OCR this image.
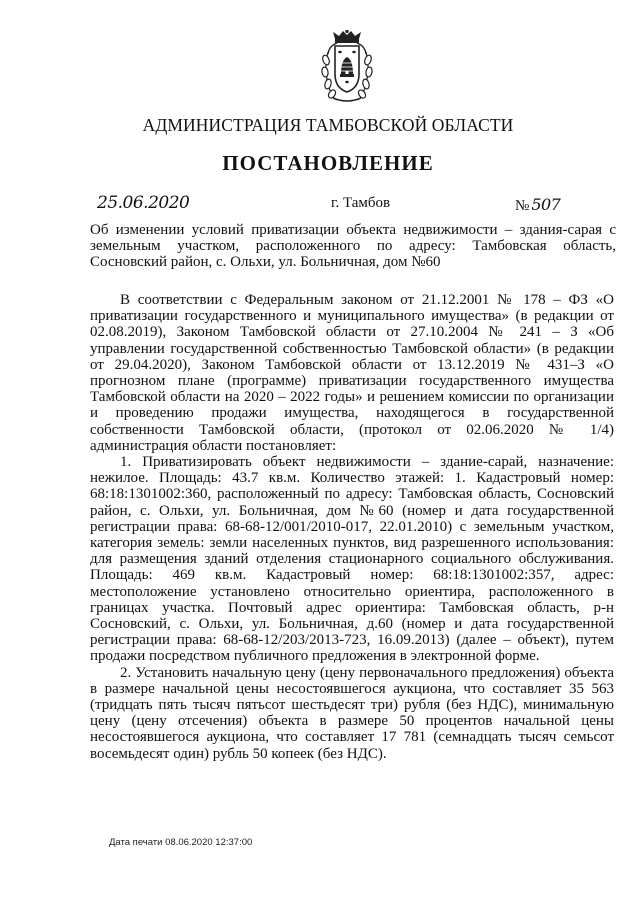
АДМИНИСТРАЦИЯ ТАМБОВСКОЙ ОБЛАСТИ
ПОСТАНОВЛЕНИЕ
25.06.2020	г. Тамбов	№ 507
Об изменении условий приватизации объекта недвижимости – здания-сарая с земельным участком, расположенного по адресу: Тамбовская область, Сосновский район, с. Ольхи, ул. Больничная, дом №60

В соответствии с Федеральным законом от 21.12.2001 № 178 – ФЗ «О приватизации государственного и муниципального имущества» (в редакции от 02.08.2019), Законом Тамбовской области от 27.10.2004 № 241 – З «Об управлении государственной собственностью Тамбовской области» (в редакции от 29.04.2020), Законом Тамбовской области от 13.12.2019 № 431–З «О прогнозном плане (программе) приватизации государственного имущества Тамбовской области на 2020 – 2022 годы» и решением комиссии по организации и проведению продажи имущества, находящегося в государственной собственности Тамбовской области, (протокол от 02.06.2020 № 1/4) администрация области постановляет:

1. Приватизировать объект недвижимости – здание-сарай, назначение: нежилое. Площадь: 43.7 кв.м. Количество этажей: 1. Кадастровый номер: 68:18:1301002:360, расположенный по адресу: Тамбовская область, Сосновский район, с. Ольхи, ул. Больничная, дом №60 (номер и дата государственной регистрации права: 68-68-12/001/2010-017, 22.01.2010) с земельным участком, категория земель: земли населенных пунктов, вид разрешенного использования: для размещения зданий отделения стационарного социального обслуживания. Площадь: 469 кв.м. Кадастровый номер: 68:18:1301002:357, адрес: местоположение установлено относительно ориентира, расположенного в границах участка. Почтовый адрес ориентира: Тамбовская область, р-н Сосновский, с. Ольхи, ул. Больничная, д.60 (номер и дата государственной регистрации права: 68-68-12/203/2013-723, 16.09.2013) (далее – объект), путем продажи посредством публичного предложения в электронной форме.

2. Установить начальную цену (цену первоначального предложения) объекта в размере начальной цены несостоявшегося аукциона, что составляет 35 563 (тридцать пять тысяч пятьсот шестьдесят три) рубля (без НДС), минимальную цену (цену отсечения) объекта в размере 50 процентов начальной цены несостоявшегося аукциона, что составляет 17 781 (семнадцать тысяч семьсот восемьдесят один) рубль 50 копеек (без НДС).

Дата печати 08.06.2020 12:37:00
